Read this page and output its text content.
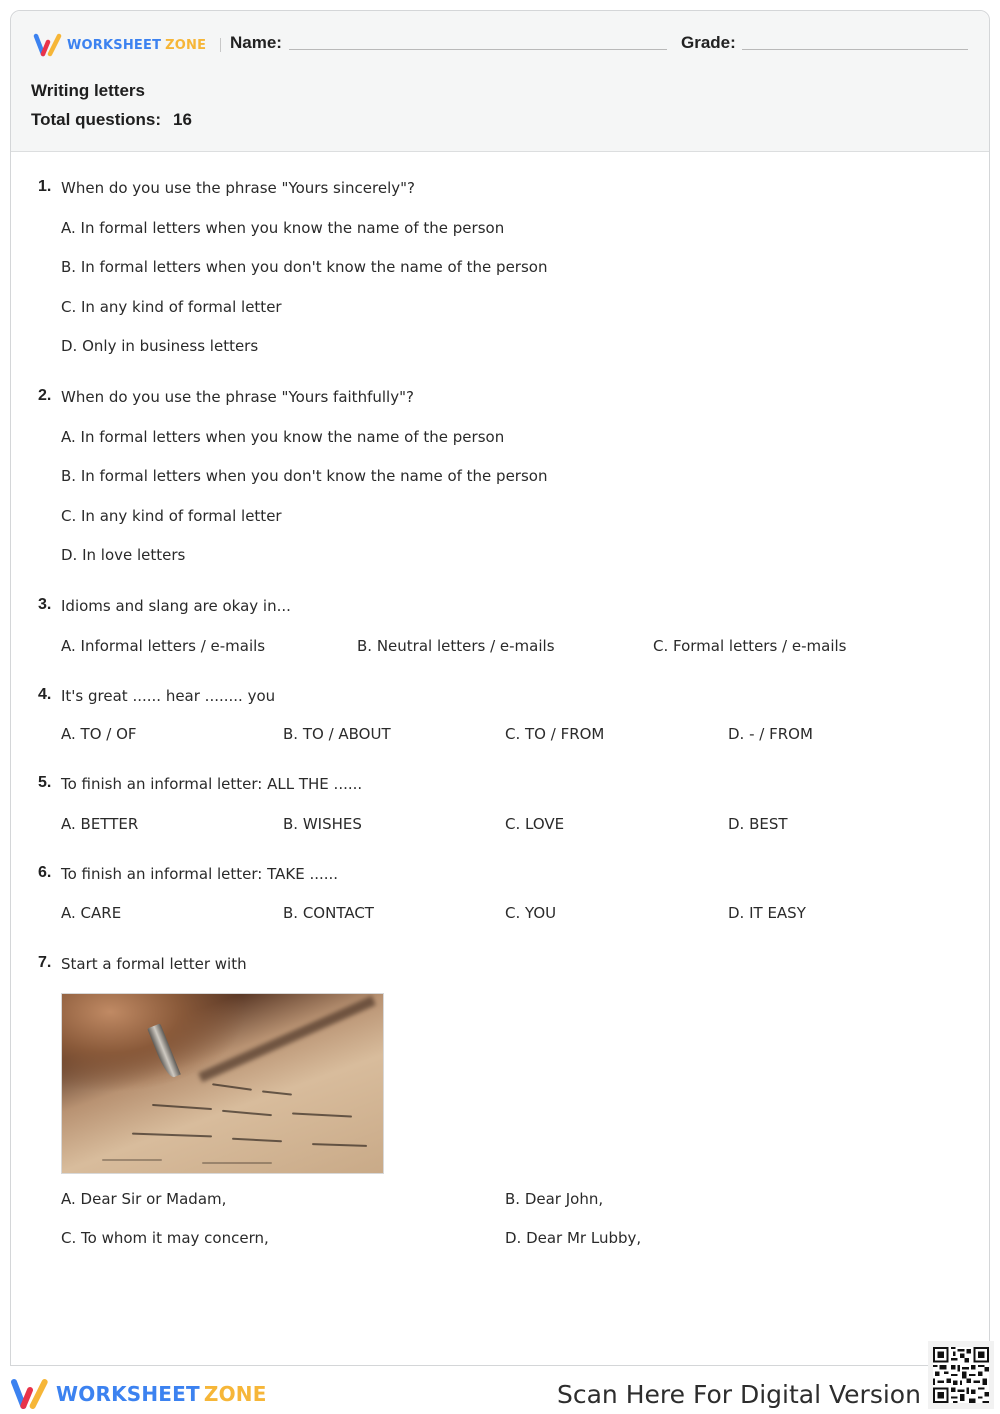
WORKSHEET ZONE Name:	Grade:
Writing letters
Total questions: 16
1. When do you use the phrase "Yours sincerely"?
A. In formal letters when you know the name of the person
B. In formal letters when you don't know the name of the person
C. In any kind of formal letter
D. Only in business letters
2. When do you use the phrase "Yours faithfully"?
A. In formal letters when you know the name of the person
B. In formal letters when you don't know the name of the person
C. In any kind of formal letter
D. In love letters
3. Idioms and slang are okay in...
A. Informal letters / e-mails	B. Neutral letters / e-mails	C. Formal letters / e-mails
4. It's great ...... hear ........ you
A. TO / OF	B. TO / ABOUT	C. TO / FROM	D. - / FROM
5. To finish an informal letter: ALL THE ......
A. BETTER	B. WISHES	C. LOVE	D. BEST
6. To finish an informal letter: TAKE ......
A. CARE	B. CONTACT	C. YOU	D. IT EASY
7. Start a formal letter with
A. Dear Sir or Madam,	B. Dear John,
C. To whom it may concern,	D. Dear Mr Lubby,
WORKSHEET ZONE	Scan Here For Digital Version
